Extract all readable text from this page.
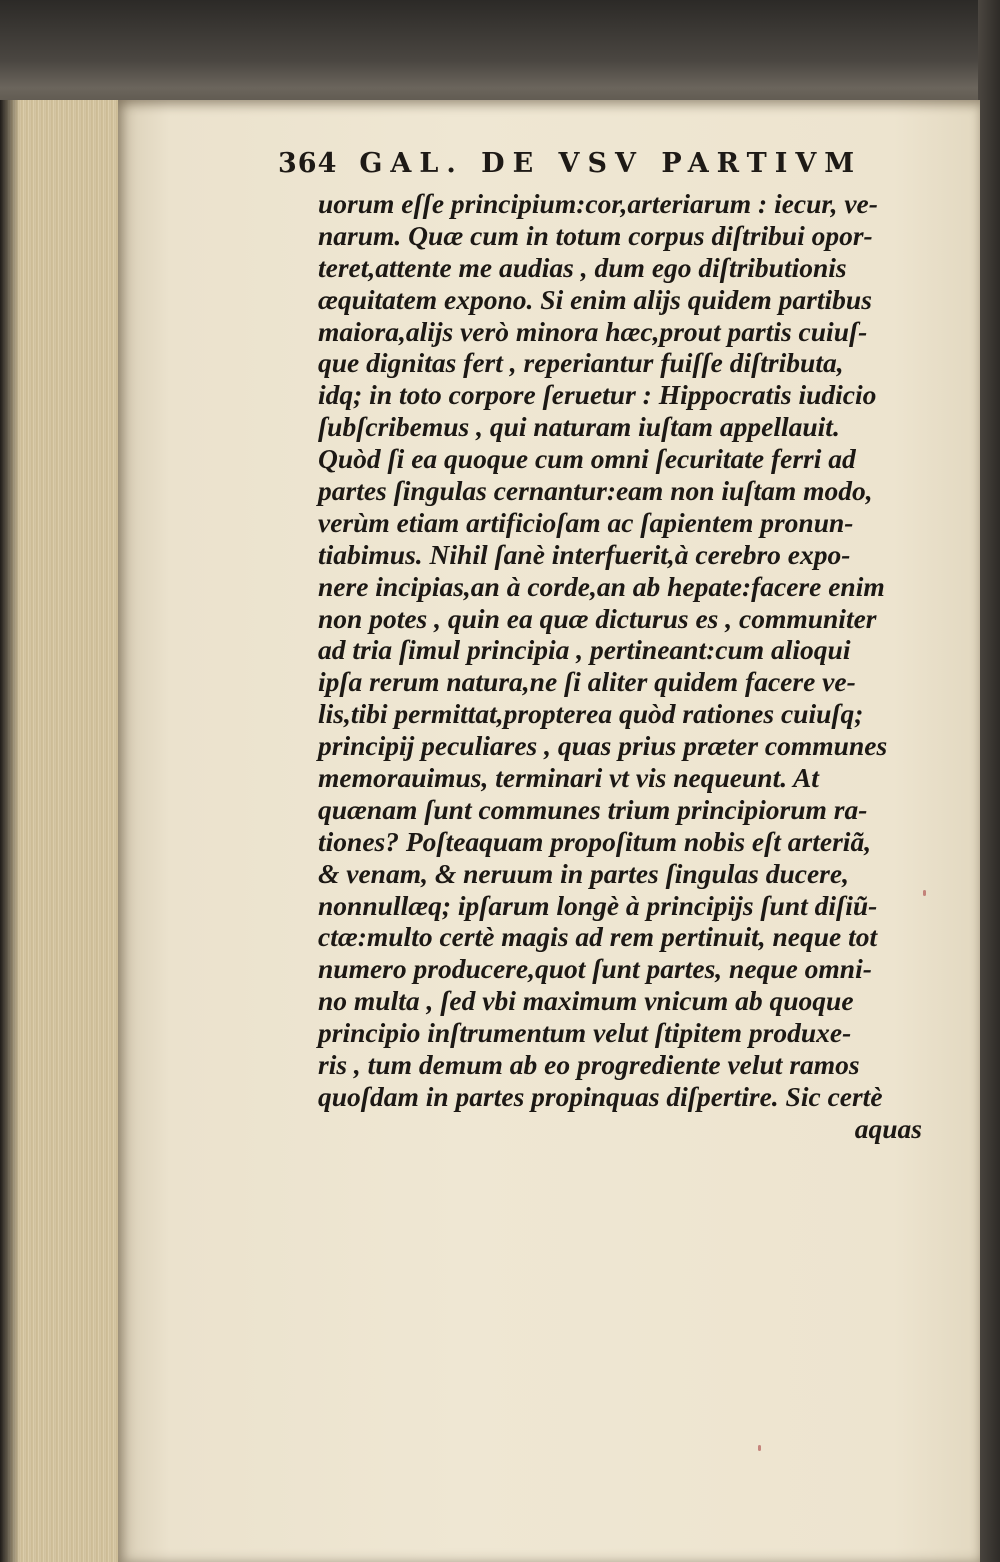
364 GAL. DE VSV PARTIVM
uorum eſſe principium:cor,arteriarum : iecur, ve-
narum. Quæ cum in totum corpus diſtribui opor-
teret,attente me audias , dum ego diſtributionis
æquitatem expono. Si enim alijs quidem partibus
maiora,alijs verò minora hæc,prout partis cuiuſ-
que dignitas fert , reperiantur fuiſſe diſtributa,
idq; in toto corpore ſeruetur : Hippocratis iudicio
ſubſcribemus , qui naturam iuſtam appellauit.
Quòd ſi ea quoque cum omni ſecuritate ferri ad
partes ſingulas cernantur:eam non iuſtam modo,
verùm etiam artificioſam ac ſapientem pronun-
tiabimus. Nihil ſanè interfuerit,à cerebro expo-
nere incipias,an à corde,an ab hepate:facere enim
non potes , quin ea quæ dicturus es , communiter
ad tria ſimul principia , pertineant:cum alioqui
ipſa rerum natura,ne ſi aliter quidem facere ve-
lis,tibi permittat,propterea quòd rationes cuiuſq;
principij peculiares , quas prius præter communes
memorauimus, terminari vt vis nequeunt. At
quænam ſunt communes trium principiorum ra-
tiones? Poſteaquam propoſitum nobis eſt arteriã,
& venam, & neruum in partes ſingulas ducere,
nonnullæq; ipſarum longè à principijs ſunt diſiũ-
ctæ:multo certè magis ad rem pertinuit, neque tot
numero producere,quot ſunt partes, neque omni-
no multa , ſed vbi maximum vnicum ab quoque
principio inſtrumentum velut ſtipitem produxe-
ris , tum demum ab eo progrediente velut ramos
quoſdam in partes propinquas diſpertire. Sic certè
aquas
